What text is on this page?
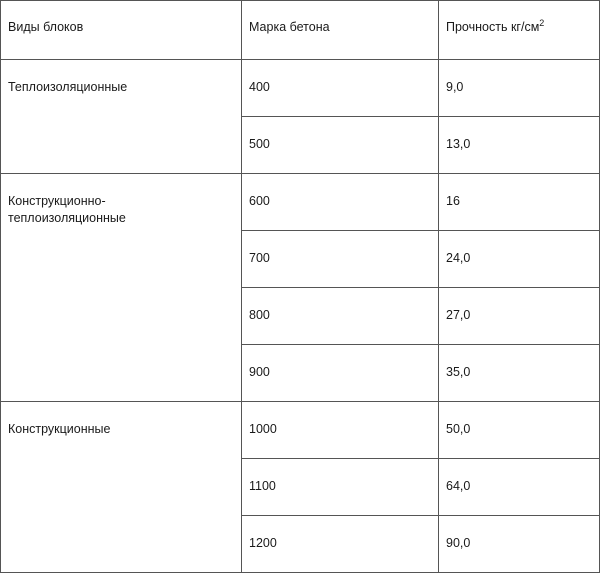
Виды блоков	Марка бетона	Прочность $кг/см^2$
Теплоизоляционные	400	9,0
	500	13,0
Конструкционно-
теплоизоляционные	600	16
	700	24,0
	800	27,0
	900	35,0
Конструкционные	1000	50,0
	1100	64,0
	1200	90,0
